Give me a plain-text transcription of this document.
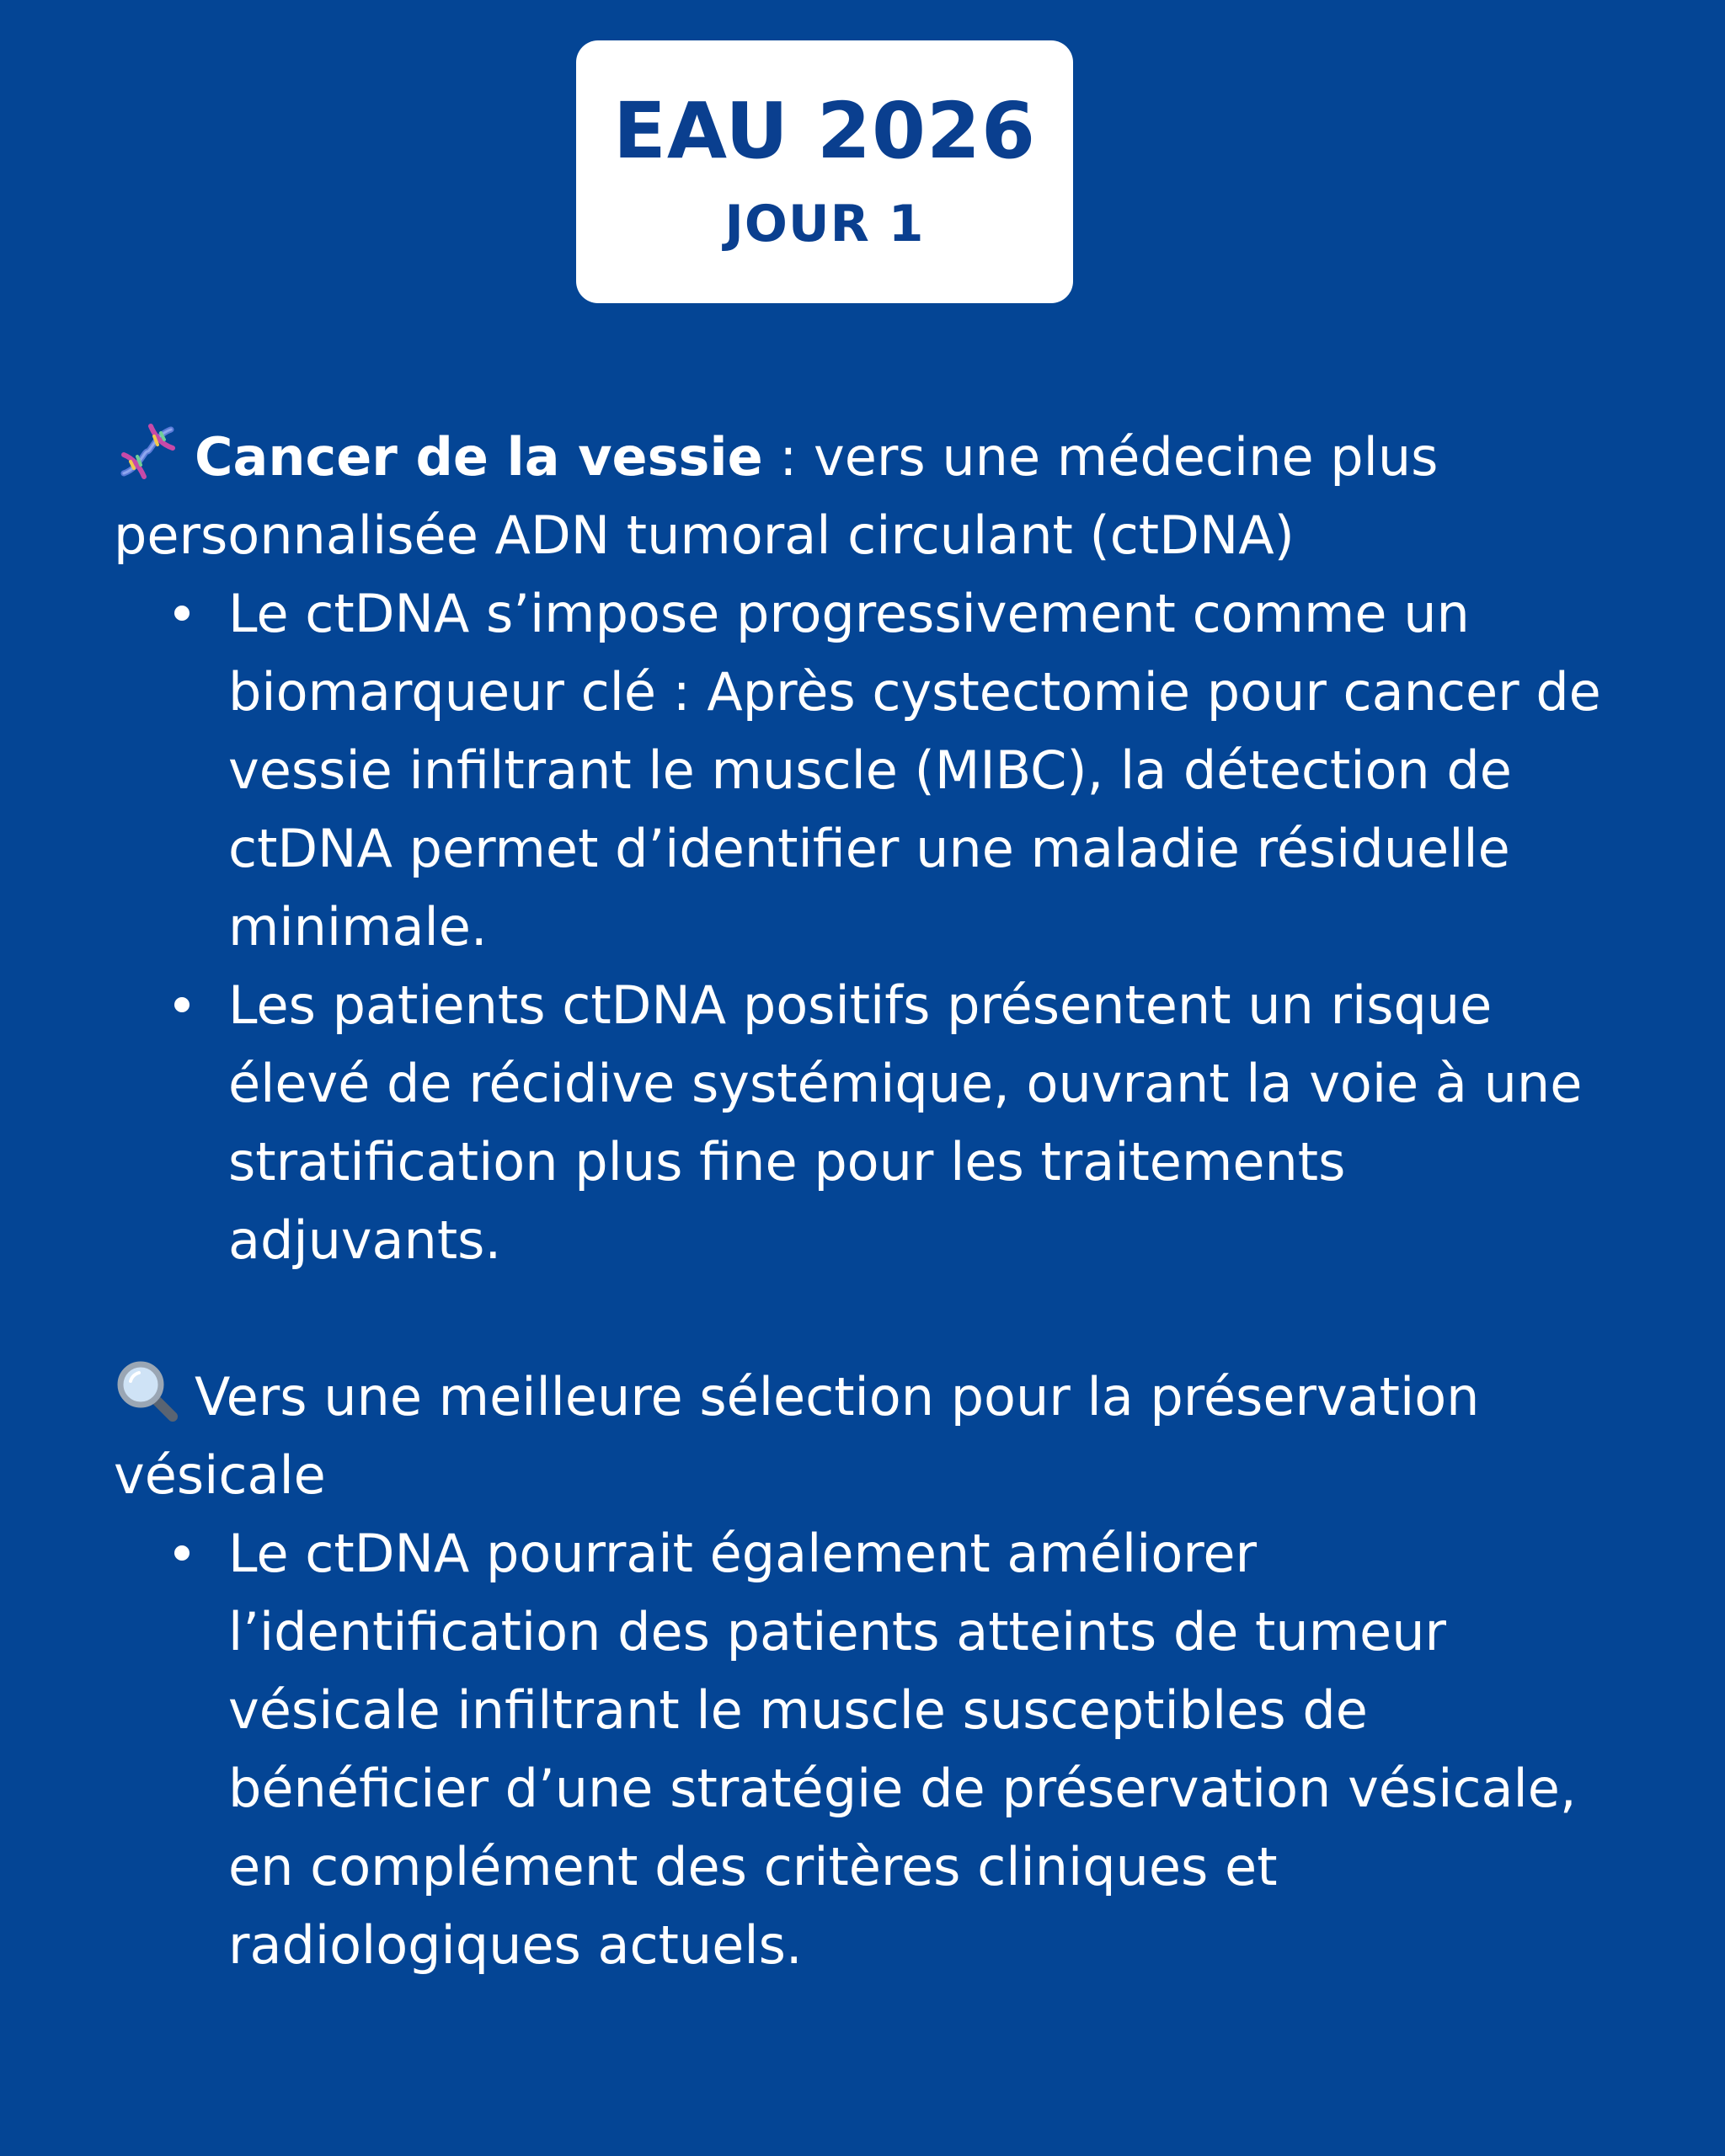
EAU 2026
JOUR 1

Cancer de la vessie : vers une médecine plus personnalisée ADN tumoral circulant (ctDNA)

Le ctDNA s’impose progressivement comme un biomarqueur clé : Après cystectomie pour cancer de vessie infiltrant le muscle (MIBC), la détection de ctDNA permet d’identifier une maladie résiduelle minimale.
Les patients ctDNA positifs présentent un risque élevé de récidive systémique, ouvrant la voie à une stratification plus fine pour les traitements adjuvants.

Vers une meilleure sélection pour la préservation vésicale

Le ctDNA pourrait également améliorer l’identification des patients atteints de tumeur vésicale infiltrant le muscle susceptibles de bénéficier d’une stratégie de préservation vésicale, en complément des critères cliniques et radiologiques actuels.
